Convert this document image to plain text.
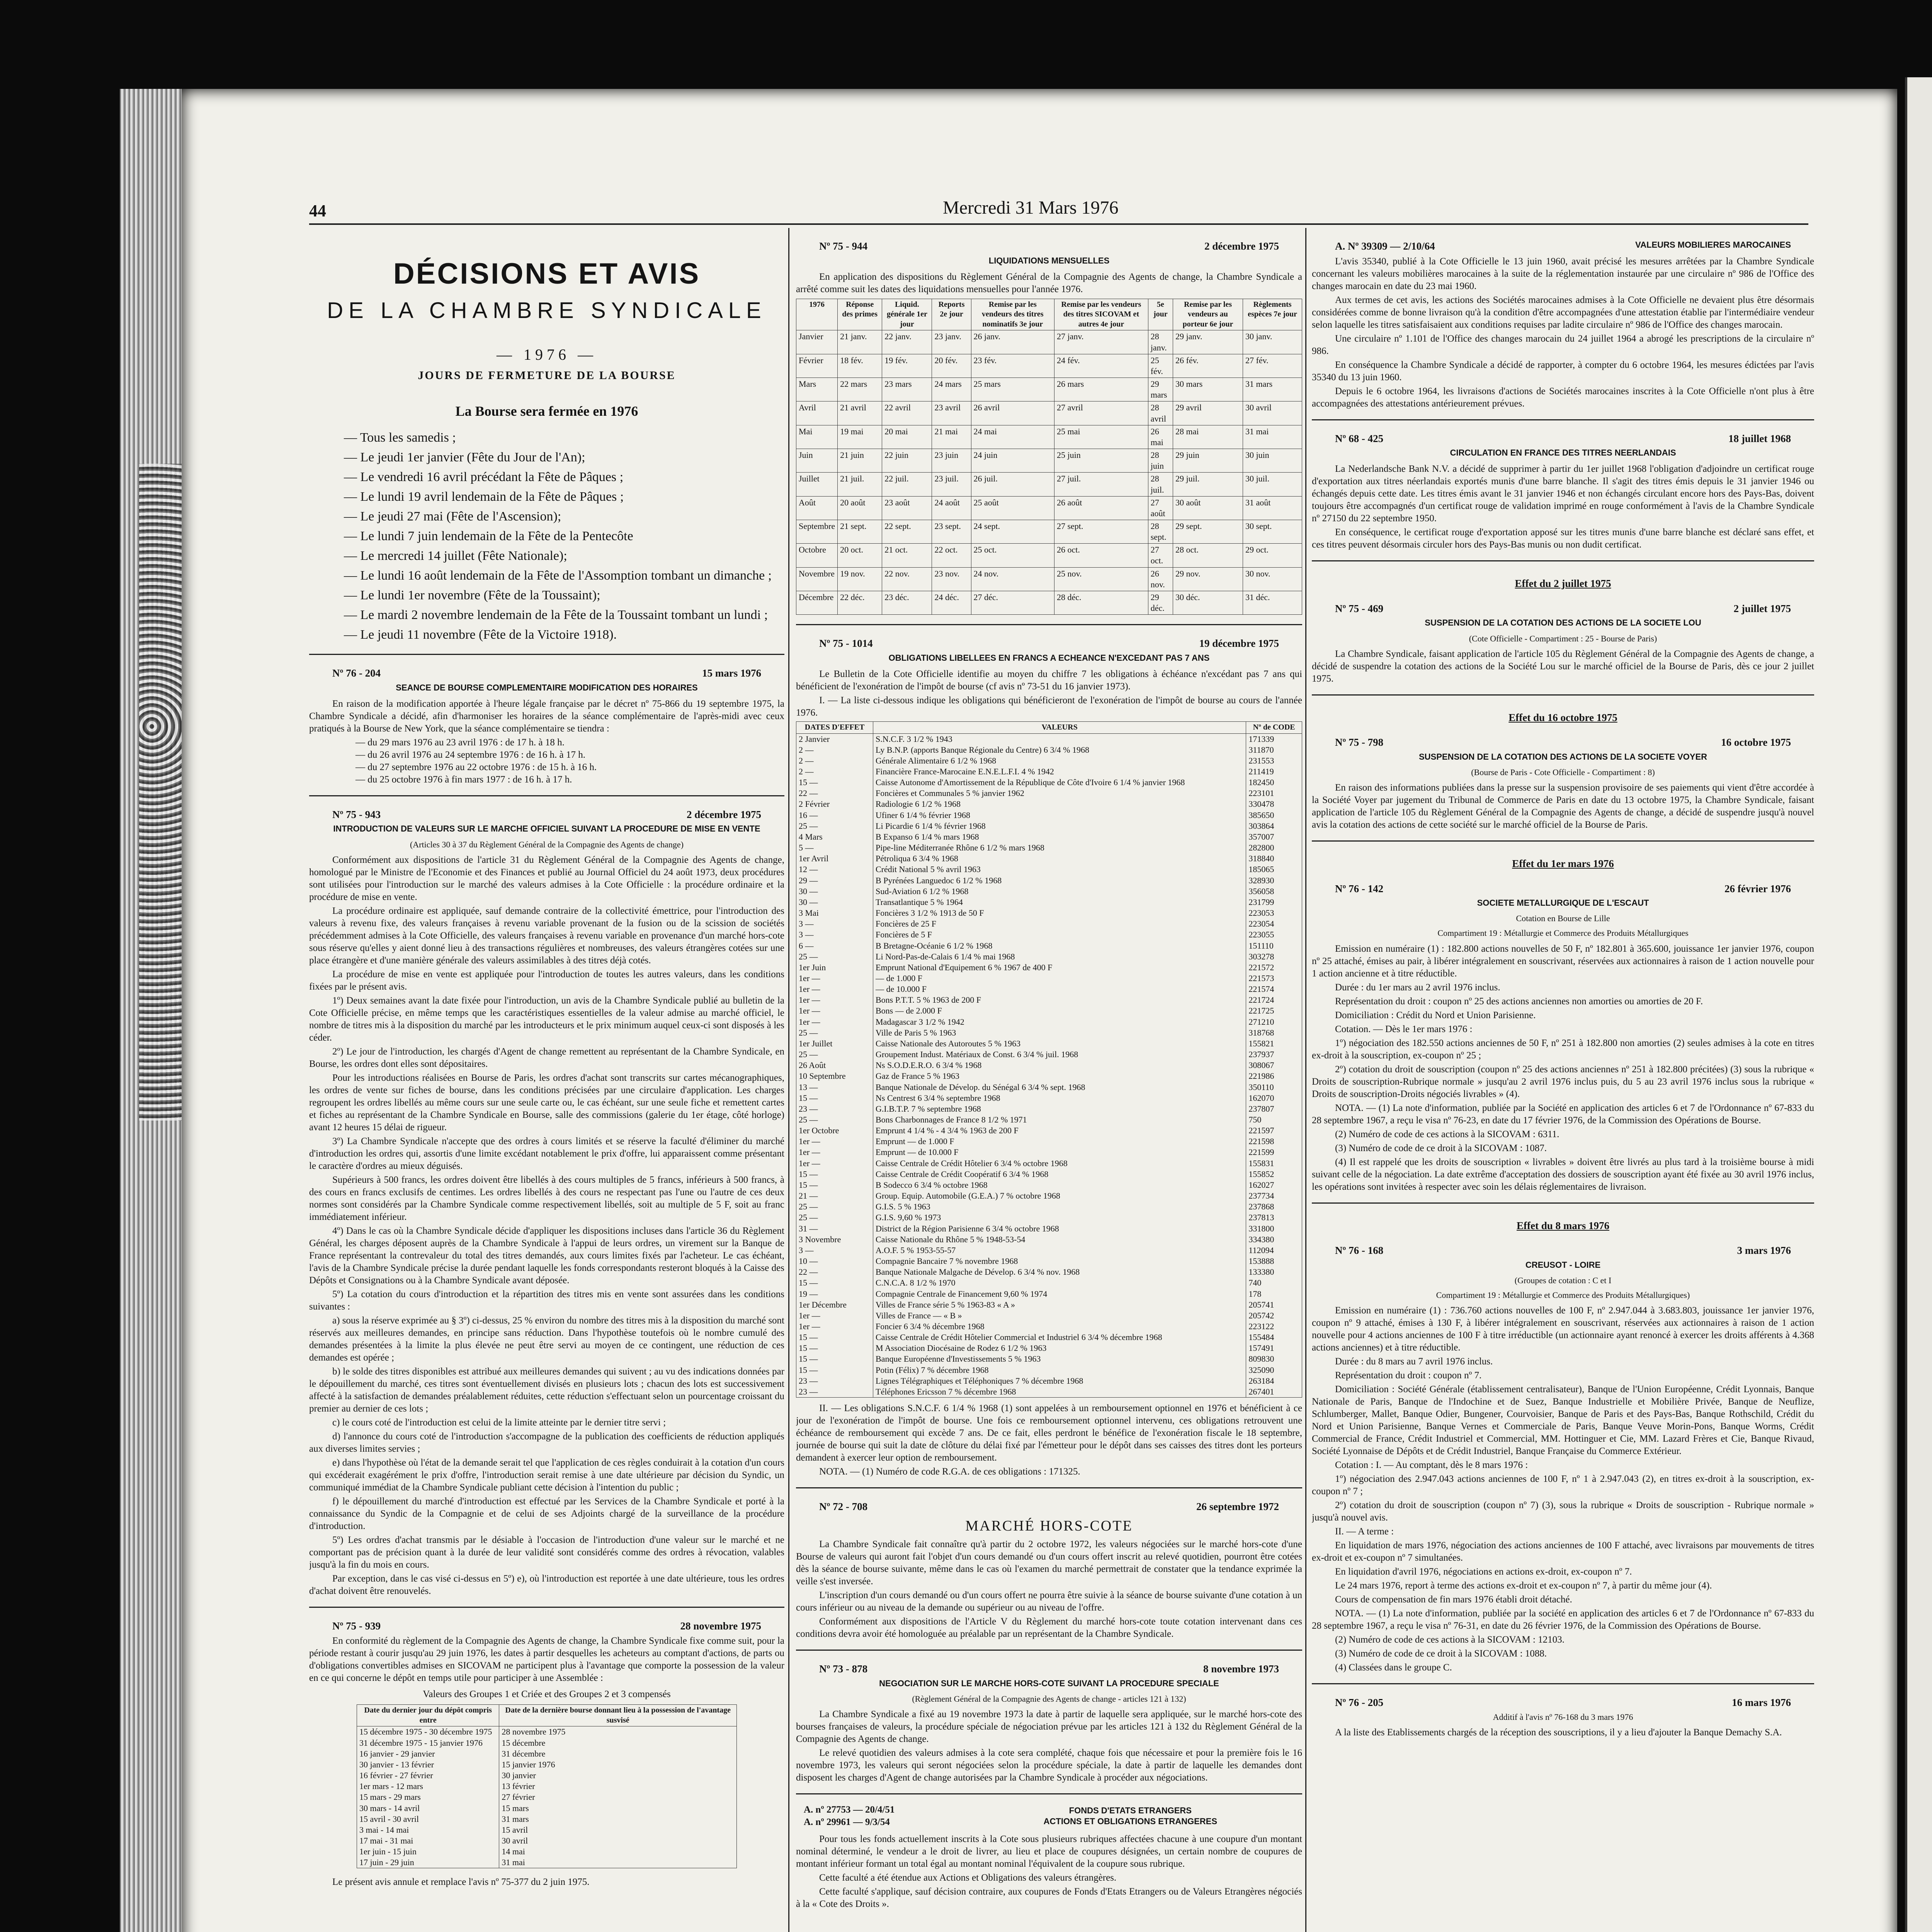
44	Mercredi 31 Mars 1976
DÉCISIONS ET AVIS
DE LA CHAMBRE SYNDICALE
— 1976 —
JOURS DE FERMETURE DE LA BOURSE
La Bourse sera fermée en 1976
— Tous les samedis ;
— Le jeudi 1er janvier (Fête du Jour de l'An);
— Le vendredi 16 avril précédant la Fête de Pâques ;
— Le lundi 19 avril lendemain de la Fête de Pâques ;
— Le jeudi 27 mai (Fête de l'Ascension);
— Le lundi 7 juin lendemain de la Fête de la Pentecôte
— Le mercredi 14 juillet (Fête Nationale);
— Le lundi 16 août lendemain de la Fête de l'Assomption tombant un dimanche ;
— Le lundi 1er novembre (Fête de la Toussaint);
— Le mardi 2 novembre lendemain de la Fête de la Toussaint tombant un lundi ;
— Le jeudi 11 novembre (Fête de la Victoire 1918).
Nº 76 - 204	15 mars 1976
SEANCE DE BOURSE COMPLEMENTAIRE MODIFICATION DES HORAIRES
En raison de la modification apportée à l'heure légale française par le décret nº 75-866 du 19 septembre 1975, la Chambre Syndicale a décidé, afin d'harmoniser les horaires de la séance complémentaire de l'après-midi avec ceux pratiqués à la Bourse de New York, que la séance complémentaire se tiendra :
— du 29 mars 1976 au 23 avril 1976 : de 17 h. à 18 h.
— du 26 avril 1976 au 24 septembre 1976 : de 16 h. à 17 h.
— du 27 septembre 1976 au 22 octobre 1976 : de 15 h. à 16 h.
— du 25 octobre 1976 à fin mars 1977 : de 16 h. à 17 h.
Nº 75 - 943	2 décembre 1975
INTRODUCTION DE VALEURS SUR LE MARCHE OFFICIEL SUIVANT LA PROCEDURE DE MISE EN VENTE
(Articles 30 à 37 du Règlement Général de la Compagnie des Agents de change)
Conformément aux dispositions de l'article 31 du Règlement Général de la Compagnie des Agents de change, homologué par le Ministre de l'Economie et des Finances et publié au Journal Officiel du 24 août 1973, deux procédures sont utilisées pour l'introduction sur le marché des valeurs admises à la Cote Officielle : la procédure ordinaire et la procédure de mise en vente.
La procédure ordinaire est appliquée, sauf demande contraire de la collectivité émettrice, pour l'introduction des valeurs à revenu fixe, des valeurs françaises à revenu variable provenant de la fusion ou de la scission de sociétés précédemment admises à la Cote Officielle, des valeurs françaises à revenu variable en provenance d'un marché hors-cote sous réserve qu'elles y aient donné lieu à des transactions régulières et nombreuses, des valeurs étrangères cotées sur une place étrangère et d'une manière générale des valeurs assimilables à des titres déjà cotés.
La procédure de mise en vente est appliquée pour l'introduction de toutes les autres valeurs, dans les conditions fixées par le présent avis.
1º) Deux semaines avant la date fixée pour l'introduction, un avis de la Chambre Syndicale publié au bulletin de la Cote Officielle précise, en même temps que les caractéristiques essentielles de la valeur admise au marché officiel, le nombre de titres mis à la disposition du marché par les introducteurs et le prix minimum auquel ceux-ci sont disposés à les céder.
2º) Le jour de l'introduction, les chargés d'Agent de change remettent au représentant de la Chambre Syndicale, en Bourse, les ordres dont elles sont dépositaires.
Pour les introductions réalisées en Bourse de Paris, les ordres d'achat sont transcrits sur cartes mécanographiques, les ordres de vente sur fiches de bourse, dans les conditions précisées par une circulaire d'application. Les charges regroupent les ordres libellés au même cours sur une seule carte ou, le cas échéant, sur une seule fiche et remettent cartes et fiches au représentant de la Chambre Syndicale en Bourse, salle des commissions (galerie du 1er étage, côté horloge) avant 12 heures 15 délai de rigueur.
3º) La Chambre Syndicale n'accepte que des ordres à cours limités et se réserve la faculté d'éliminer du marché d'introduction les ordres qui, assortis d'une limite excédant notablement le prix d'offre, lui apparaissent comme présentant le caractère d'ordres au mieux déguisés.
Supérieurs à 500 francs, les ordres doivent être libellés à des cours multiples de 5 francs, inférieurs à 500 francs, à des cours en francs exclusifs de centimes. Les ordres libellés à des cours ne respectant pas l'une ou l'autre de ces deux normes sont considérés par la Chambre Syndicale comme respectivement libellés, soit au multiple de 5 F, soit au franc immédiatement inférieur.
4º) Dans le cas où la Chambre Syndicale décide d'appliquer les dispositions incluses dans l'article 36 du Règlement Général, les charges déposent auprès de la Chambre Syndicale à l'appui de leurs ordres, un virement sur la Banque de France représentant la contrevaleur du total des titres demandés, aux cours limites fixés par l'acheteur. Le cas échéant, l'avis de la Chambre Syndicale précise la durée pendant laquelle les fonds correspondants resteront bloqués à la Caisse des Dépôts et Consignations ou à la Chambre Syndicale avant déposée.
5º) La cotation du cours d'introduction et la répartition des titres mis en vente sont assurées dans les conditions suivantes :
a) sous la réserve exprimée au § 3º) ci-dessus, 25 % environ du nombre des titres mis à la disposition du marché sont réservés aux meilleures demandes, en principe sans réduction. Dans l'hypothèse toutefois où le nombre cumulé des demandes présentées à la limite la plus élevée ne peut être servi au moyen de ce contingent, une réduction de ces demandes est opérée ;
b) le solde des titres disponibles est attribué aux meilleures demandes qui suivent ; au vu des indications données par le dépouillement du marché, ces titres sont éventuellement divisés en plusieurs lots ; chacun des lots est successivement affecté à la satisfaction de demandes préalablement réduites, cette réduction s'effectuant selon un pourcentage croissant du premier au dernier de ces lots ;
c) le cours coté de l'introduction est celui de la limite atteinte par le dernier titre servi ;
d) l'annonce du cours coté de l'introduction s'accompagne de la publication des coefficients de réduction appliqués aux diverses limites servies ;
e) dans l'hypothèse où l'état de la demande serait tel que l'application de ces règles conduirait à la cotation d'un cours qui excéderait exagérément le prix d'offre, l'introduction serait remise à une date ultérieure par décision du Syndic, un communiqué immédiat de la Chambre Syndicale publiant cette décision à l'intention du public ;
f) le dépouillement du marché d'introduction est effectué par les Services de la Chambre Syndicale et porté à la connaissance du Syndic de la Compagnie et de celui de ses Adjoints chargé de la surveillance de la procédure d'introduction.
5º) Les ordres d'achat transmis par le désiable à l'occasion de l'introduction d'une valeur sur le marché et ne comportant pas de précision quant à la durée de leur validité sont considérés comme des ordres à révocation, valables jusqu'à la fin du mois en cours.
Par exception, dans le cas visé ci-dessus en 5º) e), où l'introduction est reportée à une date ultérieure, tous les ordres d'achat doivent être renouvelés.
Nº 75 - 939	28 novembre 1975
En conformité du règlement de la Compagnie des Agents de change, la Chambre Syndicale fixe comme suit, pour la période restant à courir jusqu'au 29 juin 1976, les dates à partir desquelles les acheteurs au comptant d'actions, de parts ou d'obligations convertibles admises en SICOVAM ne participent plus à l'avantage que comporte la possession de la valeur en ce qui concerne le dépôt en temps utile pour participer à une Assemblée :
Valeurs des Groupes 1 et Criée et des Groupes 2 et 3 compensés
Date du dernier jour du dépôt compris entre	Date de la dernière bourse donnant lieu à la possession de l'avantage susvisé
15 décembre 1975 - 30 décembre 1975	28 novembre 1975
31 décembre 1975 - 15 janvier 1976	15 décembre
16 janvier - 29 janvier	31 décembre
30 janvier - 13 février	15 janvier 1976
16 février - 27 février	30 janvier
1er mars - 12 mars	13 février
15 mars - 29 mars	27 février
30 mars - 14 avril	15 mars
15 avril - 30 avril	31 mars
3 mai - 14 mai	15 avril
17 mai - 31 mai	30 avril
1er juin - 15 juin	14 mai
17 juin - 29 juin	31 mai
Le présent avis annule et remplace l'avis nº 75-377 du 2 juin 1975.
Nº 75 - 944	2 décembre 1975
LIQUIDATIONS MENSUELLES
En application des dispositions du Règlement Général de la Compagnie des Agents de change, la Chambre Syndicale a arrêté comme suit les dates des liquidations mensuelles pour l'année 1976.
1976	Réponse des primes	Liquid. générale 1er jour	Reports 2e jour	Remise par les vendeurs des titres nominatifs 3e jour	Remise par les vendeurs des titres SICOVAM et autres 4e jour	5e jour	Remise par les vendeurs au porteur 6e jour	Règlements espèces 7e jour
Janvier	21 janv.	22 janv.	23 janv.	26 janv.	27 janv.	28 janv.	29 janv.	30 janv.
Février	18 fév.	19 fév.	20 fév.	23 fév.	24 fév.	25 fév.	26 fév.	27 fév.
Mars	22 mars	23 mars	24 mars	25 mars	26 mars	29 mars	30 mars	31 mars
Avril	21 avril	22 avril	23 avril	26 avril	27 avril	28 avril	29 avril	30 avril
Mai	19 mai	20 mai	21 mai	24 mai	25 mai	26 mai	28 mai	31 mai
Juin	21 juin	22 juin	23 juin	24 juin	25 juin	28 juin	29 juin	30 juin
Juillet	21 juil.	22 juil.	23 juil.	26 juil.	27 juil.	28 juil.	29 juil.	30 juil.
Août	20 août	23 août	24 août	25 août	26 août	27 août	30 août	31 août
Septembre	21 sept.	22 sept.	23 sept.	24 sept.	27 sept.	28 sept.	29 sept.	30 sept.
Octobre	20 oct.	21 oct.	22 oct.	25 oct.	26 oct.	27 oct.	28 oct.	29 oct.
Novembre	19 nov.	22 nov.	23 nov.	24 nov.	25 nov.	26 nov.	29 nov.	30 nov.
Décembre	22 déc.	23 déc.	24 déc.	27 déc.	28 déc.	29 déc.	30 déc.	31 déc.
Nº 75 - 1014	19 décembre 1975
OBLIGATIONS LIBELLEES EN FRANCS A ECHEANCE N'EXCEDANT PAS 7 ANS
Le Bulletin de la Cote Officielle identifie au moyen du chiffre 7 les obligations à échéance n'excédant pas 7 ans qui bénéficient de l'exonération de l'impôt de bourse (cf avis nº 73-51 du 16 janvier 1973).
I. — La liste ci-dessous indique les obligations qui bénéficieront de l'exonération de l'impôt de bourse au cours de l'année 1976.
DATES D'EFFET	VALEURS	Nº de CODE
2 Janvier	S.N.C.F. 3 1/2 % 1943	171339
2 —	Ly B.N.P. (apports Banque Régionale du Centre) 6 3/4 % 1968	311870
2 —	Générale Alimentaire 6 1/2 % 1968	231553
2 —	Financière France-Marocaine E.N.E.L.F.I. 4 % 1942	211419
15 —	Caisse Autonome d'Amortissement de la République de Côte d'Ivoire 6 1/4 % janvier 1968	182450
22 —	Foncières et Communales 5 % janvier 1962	223101
2 Février	Radiologie 6 1/2 % 1968	330478
16 —	Ufiner 6 1/4 % février 1968	385650
25 —	Li Picardie 6 1/4 % février 1968	303864
4 Mars	B Expanso 6 1/4 % mars 1968	357007
5 —	Pipe-line Méditerranée Rhône 6 1/2 % mars 1968	282800
1er Avril	Pétroliqua 6 3/4 % 1968	318840
12 —	Crédit National 5 % avril 1963	185065
29 —	B Pyrénées Languedoc 6 1/2 % 1968	328930
30 —	Sud-Aviation 6 1/2 % 1968	356058
30 —	Transatlantique 5 % 1964	231799
3 Mai	Foncières 3 1/2 % 1913 de 50 F	223053
3 —	Foncières de 25 F	223054
3 —	Foncières de 5 F	223055
6 —	B Bretagne-Océanie 6 1/2 % 1968	151110
25 —	Li Nord-Pas-de-Calais 6 1/4 % mai 1968	303278
1er Juin	Emprunt National d'Equipement 6 % 1967 de 400 F	221572
1er —	— de 1.000 F	221573
1er —	— de 10.000 F	221574
1er —	Bons P.T.T. 5 % 1963 de 200 F	221724
1er —	Bons — de 2.000 F	221725
1er —	Madagascar 3 1/2 % 1942	271210
25 —	Ville de Paris 5 % 1963	318768
1er Juillet	Caisse Nationale des Autoroutes 5 % 1963	155821
25 —	Groupement Indust. Matériaux de Const. 6 3/4 % juil. 1968	237937
26 Août	Ns S.O.D.E.R.O. 6 3/4 % 1968	308067
10 Septembre	Gaz de France 5 % 1963	221986
13 —	Banque Nationale de Dévelop. du Sénégal 6 3/4 % sept. 1968	350110
15 —	Ns Centrest 6 3/4 % septembre 1968	162070
23 —	G.I.B.T.P. 7 % septembre 1968	237807
25 —	Bons Charbonnages de France 8 1/2 % 1971	750
1er Octobre	Emprunt 4 1/4 % - 4 3/4 % 1963 de 200 F	221597
1er —	Emprunt — de 1.000 F	221598
1er —	Emprunt — de 10.000 F	221599
1er —	Caisse Centrale de Crédit Hôtelier 6 3/4 % octobre 1968	155831
15 —	Caisse Centrale de Crédit Coopératif 6 3/4 % 1968	155852
15 —	B Sodecco 6 3/4 % octobre 1968	162027
21 —	Group. Equip. Automobile (G.E.A.) 7 % octobre 1968	237734
25 —	G.I.S. 5 % 1963	237868
25 —	G.I.S. 9,60 % 1973	237813
31 —	District de la Région Parisienne 6 3/4 % octobre 1968	331800
3 Novembre	Caisse Nationale du Rhône 5 % 1948-53-54	334380
3 —	A.O.F. 5 % 1953-55-57	112094
10 —	Compagnie Bancaire 7 % novembre 1968	153888
22 —	Banque Nationale Malgache de Dévelop. 6 3/4 % nov. 1968	133380
15 —	C.N.C.A. 8 1/2 % 1970	740
19 —	Compagnie Centrale de Financement 9,60 % 1974	178
1er Décembre	Villes de France série 5 % 1963-83 « A »	205741
1er —	Villes de France — « B »	205742
1er —	Foncier 6 3/4 % décembre 1968	223122
15 —	Caisse Centrale de Crédit Hôtelier Commercial et Industriel 6 3/4 % décembre 1968	155484
15 —	M Association Diocésaine de Rodez 6 1/2 % 1963	157491
15 —	Banque Européenne d'Investissements 5 % 1963	809830
15 —	Potin (Félix) 7 % décembre 1968	325090
23 —	Lignes Télégraphiques et Téléphoniques 7 % décembre 1968	263184
23 —	Téléphones Ericsson 7 % décembre 1968	267401
II. — Les obligations S.N.C.F. 6 1/4 % 1968 (1) sont appelées à un remboursement optionnel en 1976 et bénéficient à ce jour de l'exonération de l'impôt de bourse. Une fois ce remboursement optionnel intervenu, ces obligations retrouvent une échéance de remboursement qui excède 7 ans. De ce fait, elles perdront le bénéfice de l'exonération fiscale le 18 septembre, journée de bourse qui suit la date de clôture du délai fixé par l'émetteur pour le dépôt dans ses caisses des titres dont les porteurs demandent à exercer leur option de remboursement.
NOTA. — (1) Numéro de code R.G.A. de ces obligations : 171325.
Nº 72 - 708	26 septembre 1972
MARCHÉ HORS-COTE
La Chambre Syndicale fait connaître qu'à partir du 2 octobre 1972, les valeurs négociées sur le marché hors-cote d'une Bourse de valeurs qui auront fait l'objet d'un cours demandé ou d'un cours offert inscrit au relevé quotidien, pourront être cotées dès la séance de bourse suivante, même dans le cas où l'examen du marché permettrait de constater que la tendance exprimée la veille s'est inversée.
L'inscription d'un cours demandé ou d'un cours offert ne pourra être suivie à la séance de bourse suivante d'une cotation à un cours inférieur ou au niveau de la demande ou supérieur ou au niveau de l'offre.
Conformément aux dispositions de l'Article V du Règlement du marché hors-cote toute cotation intervenant dans ces conditions devra avoir été homologuée au préalable par un représentant de la Chambre Syndicale.
Nº 73 - 878	8 novembre 1973
NEGOCIATION SUR LE MARCHE HORS-COTE SUIVANT LA PROCEDURE SPECIALE
(Règlement Général de la Compagnie des Agents de change - articles 121 à 132)
La Chambre Syndicale a fixé au 19 novembre 1973 la date à partir de laquelle sera appliquée, sur le marché hors-cote des bourses françaises de valeurs, la procédure spéciale de négociation prévue par les articles 121 à 132 du Règlement Général de la Compagnie des Agents de change.
Le relevé quotidien des valeurs admises à la cote sera complété, chaque fois que nécessaire et pour la première fois le 16 novembre 1973, les valeurs qui seront négociées selon la procédure spéciale, la date à partir de laquelle les demandes dont disposent les charges d'Agent de change autorisées par la Chambre Syndicale à procéder aux négociations.
A. nº 27753 — 20/4/51
A. nº 29961 — 9/3/54
FONDS D'ETATS ETRANGERS
ACTIONS ET OBLIGATIONS ETRANGERES
Pour tous les fonds actuellement inscrits à la Cote sous plusieurs rubriques affectées chacune à une coupure d'un montant nominal déterminé, le vendeur a le droit de livrer, au lieu et place de coupures désignées, un certain nombre de coupures de montant inférieur formant un total égal au montant nominal l'équivalent de la coupure sous rubrique.
Cette faculté a été étendue aux Actions et Obligations des valeurs étrangères.
Cette faculté s'applique, sauf décision contraire, aux coupures de Fonds d'Etats Etrangers ou de Valeurs Etrangères négociés à la « Cote des Droits ».
A. Nº 39309 — 2/10/64	VALEURS MOBILIERES MAROCAINES
L'avis 35340, publié à la Cote Officielle le 13 juin 1960, avait précisé les mesures arrêtées par la Chambre Syndicale concernant les valeurs mobilières marocaines à la suite de la réglementation instaurée par une circulaire nº 986 de l'Office des changes marocain en date du 23 mai 1960.
Aux termes de cet avis, les actions des Sociétés marocaines admises à la Cote Officielle ne devaient plus être désormais considérées comme de bonne livraison qu'à la condition d'être accompagnées d'une attestation établie par l'intermédiaire vendeur selon laquelle les titres satisfaisaient aux conditions requises par ladite circulaire nº 986 de l'Office des changes marocain.
Une circulaire nº 1.101 de l'Office des changes marocain du 24 juillet 1964 a abrogé les prescriptions de la circulaire nº 986.
En conséquence la Chambre Syndicale a décidé de rapporter, à compter du 6 octobre 1964, les mesures édictées par l'avis 35340 du 13 juin 1960.
Depuis le 6 octobre 1964, les livraisons d'actions de Sociétés marocaines inscrites à la Cote Officielle n'ont plus à être accompagnées des attestations antérieurement prévues.
Nº 68 - 425	18 juillet 1968
CIRCULATION EN FRANCE DES TITRES NEERLANDAIS
La Nederlandsche Bank N.V. a décidé de supprimer à partir du 1er juillet 1968 l'obligation d'adjoindre un certificat rouge d'exportation aux titres néerlandais exportés munis d'une barre blanche. Il s'agit des titres émis depuis le 31 janvier 1946 ou échangés depuis cette date. Les titres émis avant le 31 janvier 1946 et non échangés circulant encore hors des Pays-Bas, doivent toujours être accompagnés d'un certificat rouge de validation imprimé en rouge conformément à l'avis de la Chambre Syndicale nº 27150 du 22 septembre 1950.
En conséquence, le certificat rouge d'exportation apposé sur les titres munis d'une barre blanche est déclaré sans effet, et ces titres peuvent désormais circuler hors des Pays-Bas munis ou non dudit certificat.
Effet du 2 juillet 1975
Nº 75 - 469	2 juillet 1975
SUSPENSION DE LA COTATION DES ACTIONS DE LA SOCIETE LOU
(Cote Officielle - Compartiment : 25 - Bourse de Paris)
La Chambre Syndicale, faisant application de l'article 105 du Règlement Général de la Compagnie des Agents de change, a décidé de suspendre la cotation des actions de la Société Lou sur le marché officiel de la Bourse de Paris, dès ce jour 2 juillet 1975.
Effet du 16 octobre 1975
Nº 75 - 798	16 octobre 1975
SUSPENSION DE LA COTATION DES ACTIONS DE LA SOCIETE VOYER
(Bourse de Paris - Cote Officielle - Compartiment : 8)
En raison des informations publiées dans la presse sur la suspension provisoire de ses paiements qui vient d'être accordée à la Société Voyer par jugement du Tribunal de Commerce de Paris en date du 13 octobre 1975, la Chambre Syndicale, faisant application de l'article 105 du Règlement Général de la Compagnie des Agents de change, a décidé de suspendre jusqu'à nouvel avis la cotation des actions de cette société sur le marché officiel de la Bourse de Paris.
Effet du 1er mars 1976
Nº 76 - 142	26 février 1976
SOCIETE METALLURGIQUE DE L'ESCAUT
Cotation en Bourse de Lille
Compartiment 19 : Métallurgie et Commerce des Produits Métallurgiques
Emission en numéraire (1) : 182.800 actions nouvelles de 50 F, nº 182.801 à 365.600, jouissance 1er janvier 1976, coupon nº 25 attaché, émises au pair, à libérer intégralement en souscrivant, réservées aux actionnaires à raison de 1 action nouvelle pour 1 action ancienne et à titre réductible.
Durée : du 1er mars au 2 avril 1976 inclus.
Représentation du droit : coupon nº 25 des actions anciennes non amorties ou amorties de 20 F.
Domiciliation : Crédit du Nord et Union Parisienne.
Cotation. — Dès le 1er mars 1976 :
1º) négociation des 182.550 actions anciennes de 50 F, nº 251 à 182.800 non amorties (2) seules admises à la cote en titres ex-droit à la souscription, ex-coupon nº 25 ;
2º) cotation du droit de souscription (coupon nº 25 des actions anciennes nº 251 à 182.800 précitées) (3) sous la rubrique « Droits de souscription-Rubrique normale » jusqu'au 2 avril 1976 inclus puis, du 5 au 23 avril 1976 inclus sous la rubrique « Droits de souscription-Droits négociés livrables » (4).
NOTA. — (1) La note d'information, publiée par la Société en application des articles 6 et 7 de l'Ordonnance nº 67-833 du 28 septembre 1967, a reçu le visa nº 76-23, en date du 17 février 1976, de la Commission des Opérations de Bourse.
(2) Numéro de code de ces actions à la SICOVAM : 6311.
(3) Numéro de code de ce droit à la SICOVAM : 1087.
(4) Il est rappelé que les droits de souscription « livrables » doivent être livrés au plus tard à la troisième bourse à midi suivant celle de la négociation. La date extrême d'acceptation des dossiers de souscription ayant été fixée au 30 avril 1976 inclus, les opérations sont invitées à respecter avec soin les délais réglementaires de livraison.
Effet du 8 mars 1976
Nº 76 - 168	3 mars 1976
CREUSOT - LOIRE
(Groupes de cotation : C et I
Compartiment 19 : Métallurgie et Commerce des Produits Métallurgiques)
Emission en numéraire (1) : 736.760 actions nouvelles de 100 F, nº 2.947.044 à 3.683.803, jouissance 1er janvier 1976, coupon nº 9 attaché, émises à 130 F, à libérer intégralement en souscrivant, réservées aux actionnaires à raison de 1 action nouvelle pour 4 actions anciennes de 100 F à titre irréductible (un actionnaire ayant renoncé à exercer les droits afférents à 4.368 actions anciennes) et à titre réductible.
Durée : du 8 mars au 7 avril 1976 inclus.
Représentation du droit : coupon nº 7.
Domiciliation : Société Générale (établissement centralisateur), Banque de l'Union Européenne, Crédit Lyonnais, Banque Nationale de Paris, Banque de l'Indochine et de Suez, Banque Industrielle et Mobilière Privée, Banque de Neuflize, Schlumberger, Mallet, Banque Odier, Bungener, Courvoisier, Banque de Paris et des Pays-Bas, Banque Rothschild, Crédit du Nord et Union Parisienne, Banque Vernes et Commerciale de Paris, Banque Veuve Morin-Pons, Banque Worms, Crédit Commercial de France, Crédit Industriel et Commercial, MM. Hottinguer et Cie, MM. Lazard Frères et Cie, Banque Rivaud, Société Lyonnaise de Dépôts et de Crédit Industriel, Banque Française du Commerce Extérieur.
Cotation : I. — Au comptant, dès le 8 mars 1976 :
1º) négociation des 2.947.043 actions anciennes de 100 F, nº 1 à 2.947.043 (2), en titres ex-droit à la souscription, ex-coupon nº 7 ;
2º) cotation du droit de souscription (coupon nº 7) (3), sous la rubrique « Droits de souscription - Rubrique normale » jusqu'à nouvel avis.
II. — A terme :
En liquidation de mars 1976, négociation des actions anciennes de 100 F attaché, avec livraisons par mouvements de titres ex-droit et ex-coupon nº 7 simultanées.
En liquidation d'avril 1976, négociations en actions ex-droit, ex-coupon nº 7.
Le 24 mars 1976, report à terme des actions ex-droit et ex-coupon nº 7, à partir du même jour (4).
Cours de compensation de fin mars 1976 établi droit détaché.
NOTA. — (1) La note d'information, publiée par la société en application des articles 6 et 7 de l'Ordonnance nº 67-833 du 28 septembre 1967, a reçu le visa nº 76-31, en date du 26 février 1976, de la Commission des Opérations de Bourse.
(2) Numéro de code de ces actions à la SICOVAM : 12103.
(3) Numéro de code de ce droit à la SICOVAM : 1088.
(4) Classées dans le groupe C.
Nº 76 - 205	16 mars 1976
Additif à l'avis nº 76-168 du 3 mars 1976
A la liste des Etablissements chargés de la réception des souscriptions, il y a lieu d'ajouter la Banque Demachy S.A.
